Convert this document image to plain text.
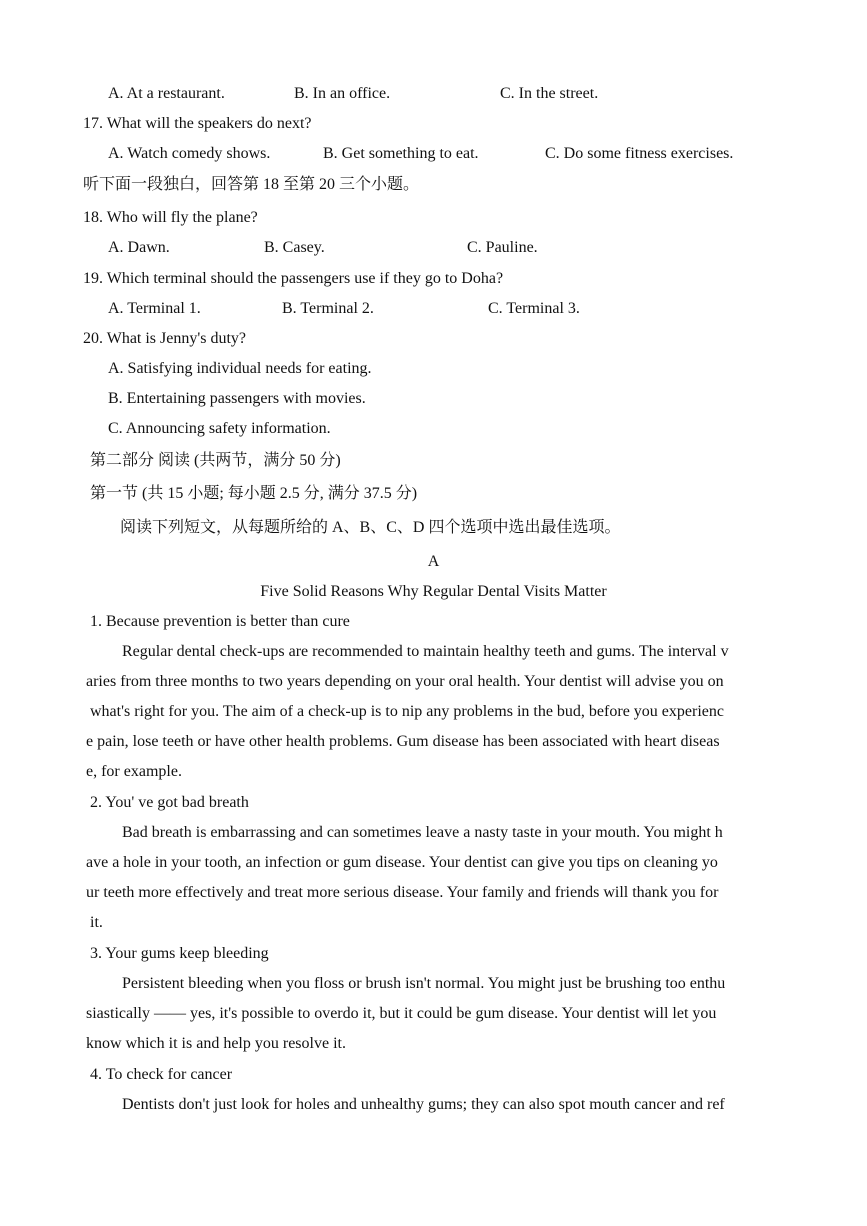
A. At a restaurant.	B. In an office.	C. In the street.
17. What will the speakers do next?
A. Watch comedy shows.	B. Get something to eat.	C. Do some fitness exercises.
听下面一段独白，回答第 18 至第 20 三个小题。
18. Who will fly the plane?
A. Dawn.	B. Casey.	C. Pauline.
19. Which terminal should the passengers use if they go to Doha?
A. Terminal 1.	B. Terminal 2.	C. Terminal 3.
20. What is Jenny's duty?
A. Satisfying individual needs for eating.
B. Entertaining passengers with movies.
C. Announcing safety information.
第二部分 阅读 (共两节，满分 50 分)
第一节 (共 15 小题; 每小题 2.5 分, 满分 37.5 分)
阅读下列短文，从每题所给的 A、B、C、D 四个选项中选出最佳选项。
A
Five Solid Reasons Why Regular Dental Visits Matter
1. Because prevention is better than cure
Regular dental check-ups are recommended to maintain healthy teeth and gums. The interval v
aries from three months to two years depending on your oral health. Your dentist will advise you on
what's right for you. The aim of a check-up is to nip any problems in the bud, before you experienc
e pain, lose teeth or have other health problems. Gum disease has been associated with heart diseas
e, for example.
2. You' ve got bad breath
Bad breath is embarrassing and can sometimes leave a nasty taste in your mouth. You might h
ave a hole in your tooth, an infection or gum disease. Your dentist can give you tips on cleaning yo
ur teeth more effectively and treat more serious disease. Your family and friends will thank you for
it.
3. Your gums keep bleeding
Persistent bleeding when you floss or brush isn't normal. You might just be brushing too enthu
siastically —— yes, it's possible to overdo it, but it could be gum disease. Your dentist will let you
know which it is and help you resolve it.
4. To check for cancer
Dentists don't just look for holes and unhealthy gums; they can also spot mouth cancer and ref
